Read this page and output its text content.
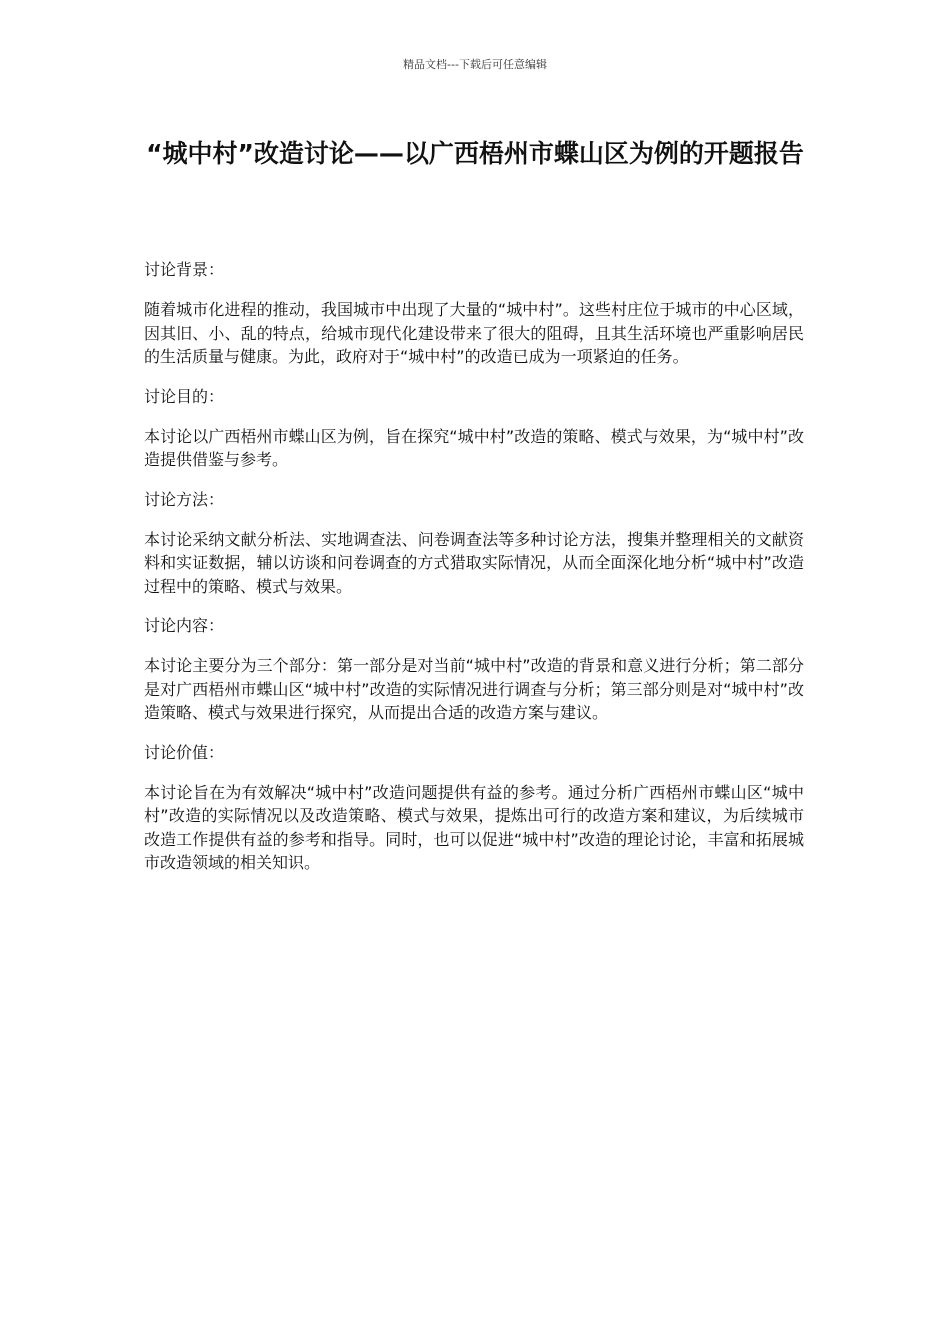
精品文档---下载后可任意编辑
“城中村”改造讨论——以广西梧州市蝶山区为例的开题报告

讨论背景：

随着城市化进程的推动，我国城市中出现了大量的“城中村”。这些村庄位于城市的中心区域，因其旧、小、乱的特点，给城市现代化建设带来了很大的阻碍，且其生活环境也严重影响居民的生活质量与健康。为此，政府对于“城中村”的改造已成为一项紧迫的任务。

讨论目的：

本讨论以广西梧州市蝶山区为例，旨在探究“城中村”改造的策略、模式与效果，为“城中村”改造提供借鉴与参考。

讨论方法：

本讨论采纳文献分析法、实地调查法、问卷调查法等多种讨论方法，搜集并整理相关的文献资料和实证数据，辅以访谈和问卷调查的方式猎取实际情况，从而全面深化地分析“城中村”改造过程中的策略、模式与效果。

讨论内容：

本讨论主要分为三个部分：第一部分是对当前“城中村”改造的背景和意义进行分析；第二部分是对广西梧州市蝶山区“城中村”改造的实际情况进行调查与分析；第三部分则是对“城中村”改造策略、模式与效果进行探究，从而提出合适的改造方案与建议。

讨论价值：

本讨论旨在为有效解决“城中村”改造问题提供有益的参考。通过分析广西梧州市蝶山区“城中村”改造的实际情况以及改造策略、模式与效果，提炼出可行的改造方案和建议，为后续城市改造工作提供有益的参考和指导。同时，也可以促进“城中村”改造的理论讨论，丰富和拓展城市改造领域的相关知识。
